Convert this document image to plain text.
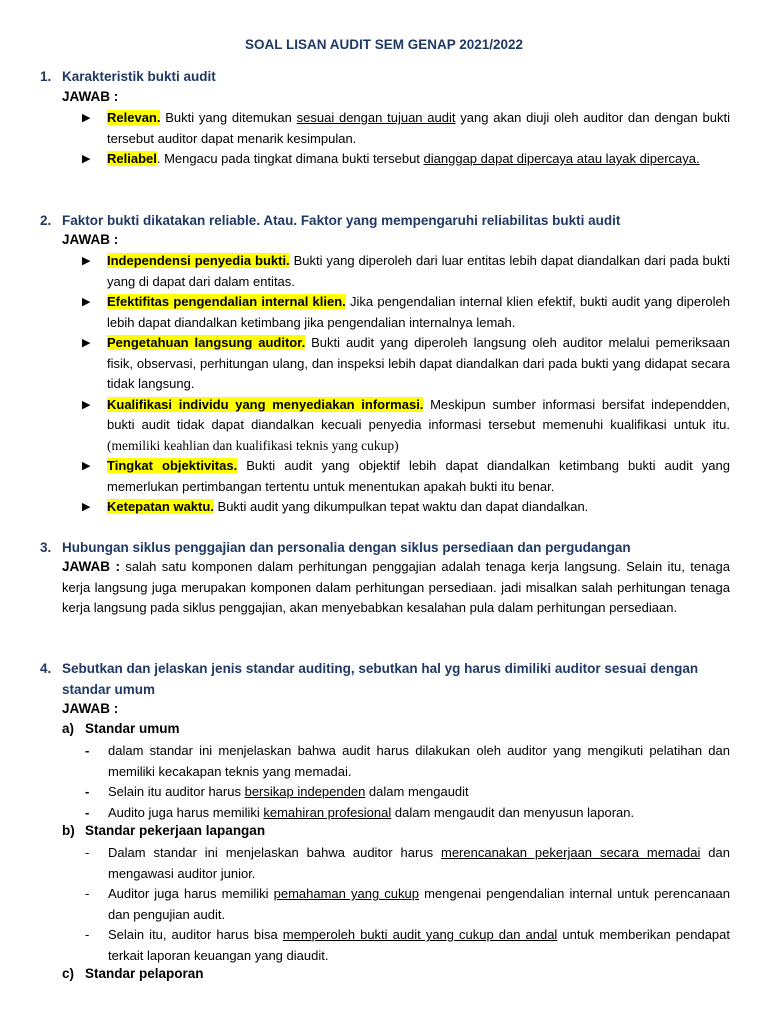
SOAL LISAN AUDIT SEM GENAP 2021/2022
1. Karakteristik bukti audit
JAWAB :
▶ Relevan. Bukti yang ditemukan sesuai dengan tujuan audit yang akan diuji oleh auditor dan dengan bukti tersebut auditor dapat menarik kesimpulan.
▶ Reliabel. Mengacu pada tingkat dimana bukti tersebut dianggap dapat dipercaya atau layak dipercaya.
2. Faktor bukti dikatakan reliable. Atau. Faktor yang mempengaruhi reliabilitas bukti audit
JAWAB :
▶ Independensi penyedia bukti. Bukti yang diperoleh dari luar entitas lebih dapat diandalkan dari pada bukti yang di dapat dari dalam entitas.
▶ Efektifitas pengendalian internal klien. Jika pengendalian internal klien efektif, bukti audit yang diperoleh lebih dapat diandalkan ketimbang jika pengendalian internalnya lemah.
▶ Pengetahuan langsung auditor. Bukti audit yang diperoleh langsung oleh auditor melalui pemeriksaan fisik, observasi, perhitungan ulang, dan inspeksi lebih dapat diandalkan dari pada bukti yang didapat secara tidak langsung.
▶ Kualifikasi individu yang menyediakan informasi. Meskipun sumber informasi bersifat independden, bukti audit tidak dapat diandalkan kecuali penyedia informasi tersebut memenuhi kualifikasi untuk itu. (memiliki keahlian dan kualifikasi teknis yang cukup)
▶ Tingkat objektivitas. Bukti audit yang objektif lebih dapat diandalkan ketimbang bukti audit yang memerlukan pertimbangan tertentu untuk menentukan apakah bukti itu benar.
▶ Ketepatan waktu. Bukti audit yang dikumpulkan tepat waktu dan dapat diandalkan.
3. Hubungan siklus penggajian dan personalia dengan siklus persediaan dan pergudangan
JAWAB : salah satu komponen dalam perhitungan penggajian adalah tenaga kerja langsung. Selain itu, tenaga kerja langsung juga merupakan komponen dalam perhitungan persediaan. jadi misalkan salah perhitungan tenaga kerja langsung pada siklus penggajian, akan menyebabkan kesalahan pula dalam perhitungan persediaan.
4. Sebutkan dan jelaskan jenis standar auditing, sebutkan hal yg harus dimiliki auditor sesuai dengan standar umum
JAWAB :
a) Standar umum
- dalam standar ini menjelaskan bahwa audit harus dilakukan oleh auditor yang mengikuti pelatihan dan memiliki kecakapan teknis yang memadai.
- Selain itu auditor harus bersikap independen dalam mengaudit
- Audito juga harus memiliki kemahiran profesional dalam mengaudit dan menyusun laporan.
b) Standar pekerjaan lapangan
- Dalam standar ini menjelaskan bahwa auditor harus merencanakan pekerjaan secara memadai dan mengawasi auditor junior.
- Auditor juga harus memiliki pemahaman yang cukup mengenai pengendalian internal untuk perencanaan dan pengujian audit.
- Selain itu, auditor harus bisa memperoleh bukti audit yang cukup dan andal untuk memberikan pendapat terkait laporan keuangan yang diaudit.
c) Standar pelaporan
